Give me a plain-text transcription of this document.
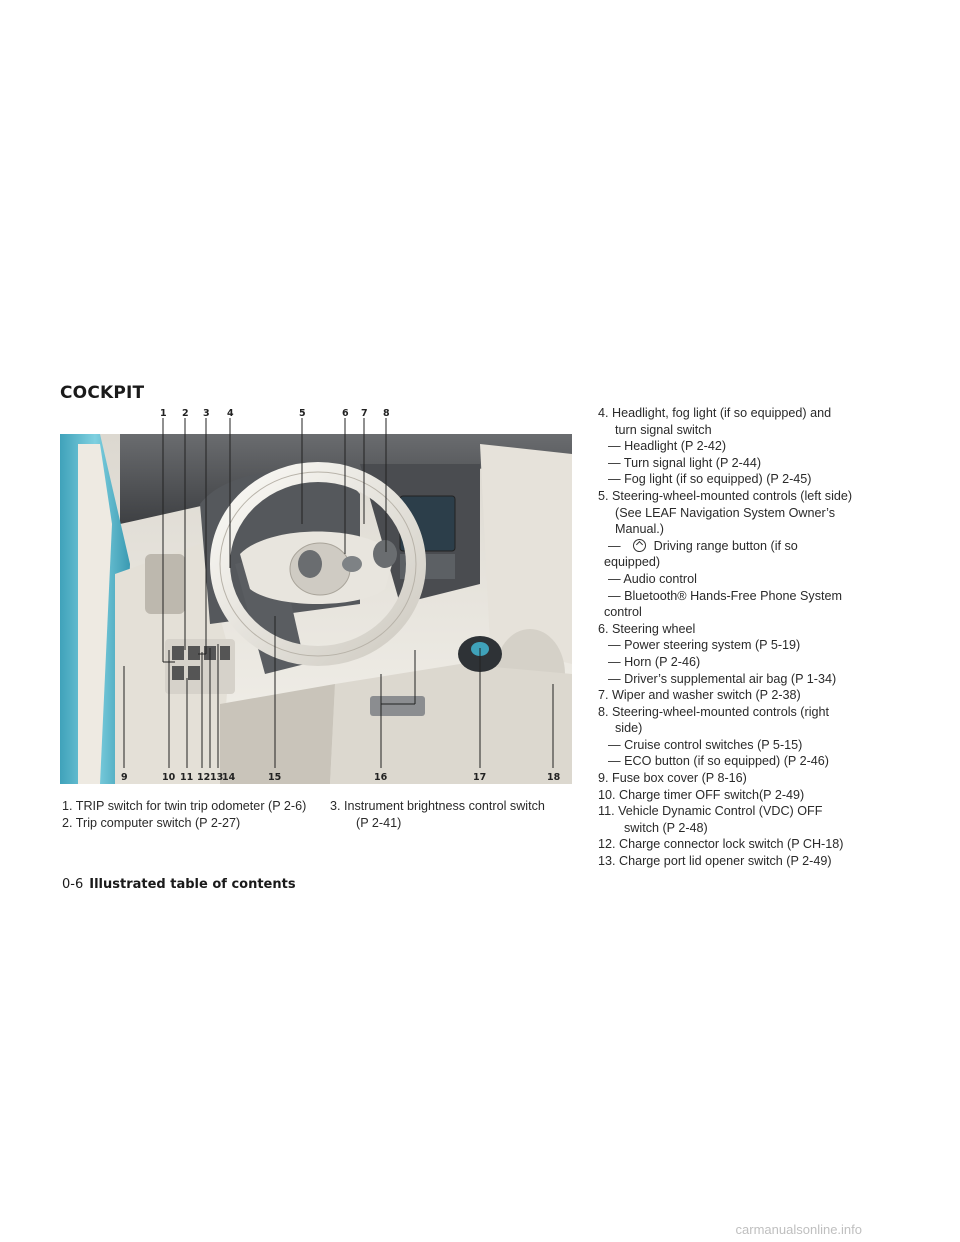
COCKPIT
1 2 3 4	5	6 7 8
9	10 11 12 13
14	15	16	17	18

1. TRIP switch for twin trip odometer (P 2-6)

2. Trip computer switch (P 2-27)

3. Instrument brightness control switch

(P 2-41)

4. Headlight, fog light (if so equipped) and

turn signal switch

— Headlight (P 2-42)

— Turn signal light (P 2-44)

— Fog light (if so equipped) (P 2-45)

5. Steering-wheel-mounted controls (left side)

(See LEAF Navigation System Owner’s

Manual.)

—	Driving range button (if so

equipped)

— Audio control

— Bluetooth® Hands-Free Phone System

control

6. Steering wheel

— Power steering system (P 5-19)

— Horn (P 2-46)

— Driver’s supplemental air bag (P 1-34)

7. Wiper and washer switch (P 2-38)

8. Steering-wheel-mounted controls (right

side)

— Cruise control switches (P 5-15)

— ECO button (if so equipped) (P 2-46)

9. Fuse box cover (P 8-16)

10. Charge timer OFF switch(P 2-49)

11. Vehicle Dynamic Control (VDC) OFF

switch (P 2-48)

12. Charge connector lock switch (P CH-18)

13. Charge port lid opener switch (P 2-49)

0-6 Illustrated table of contents
carmanualsonline.info
